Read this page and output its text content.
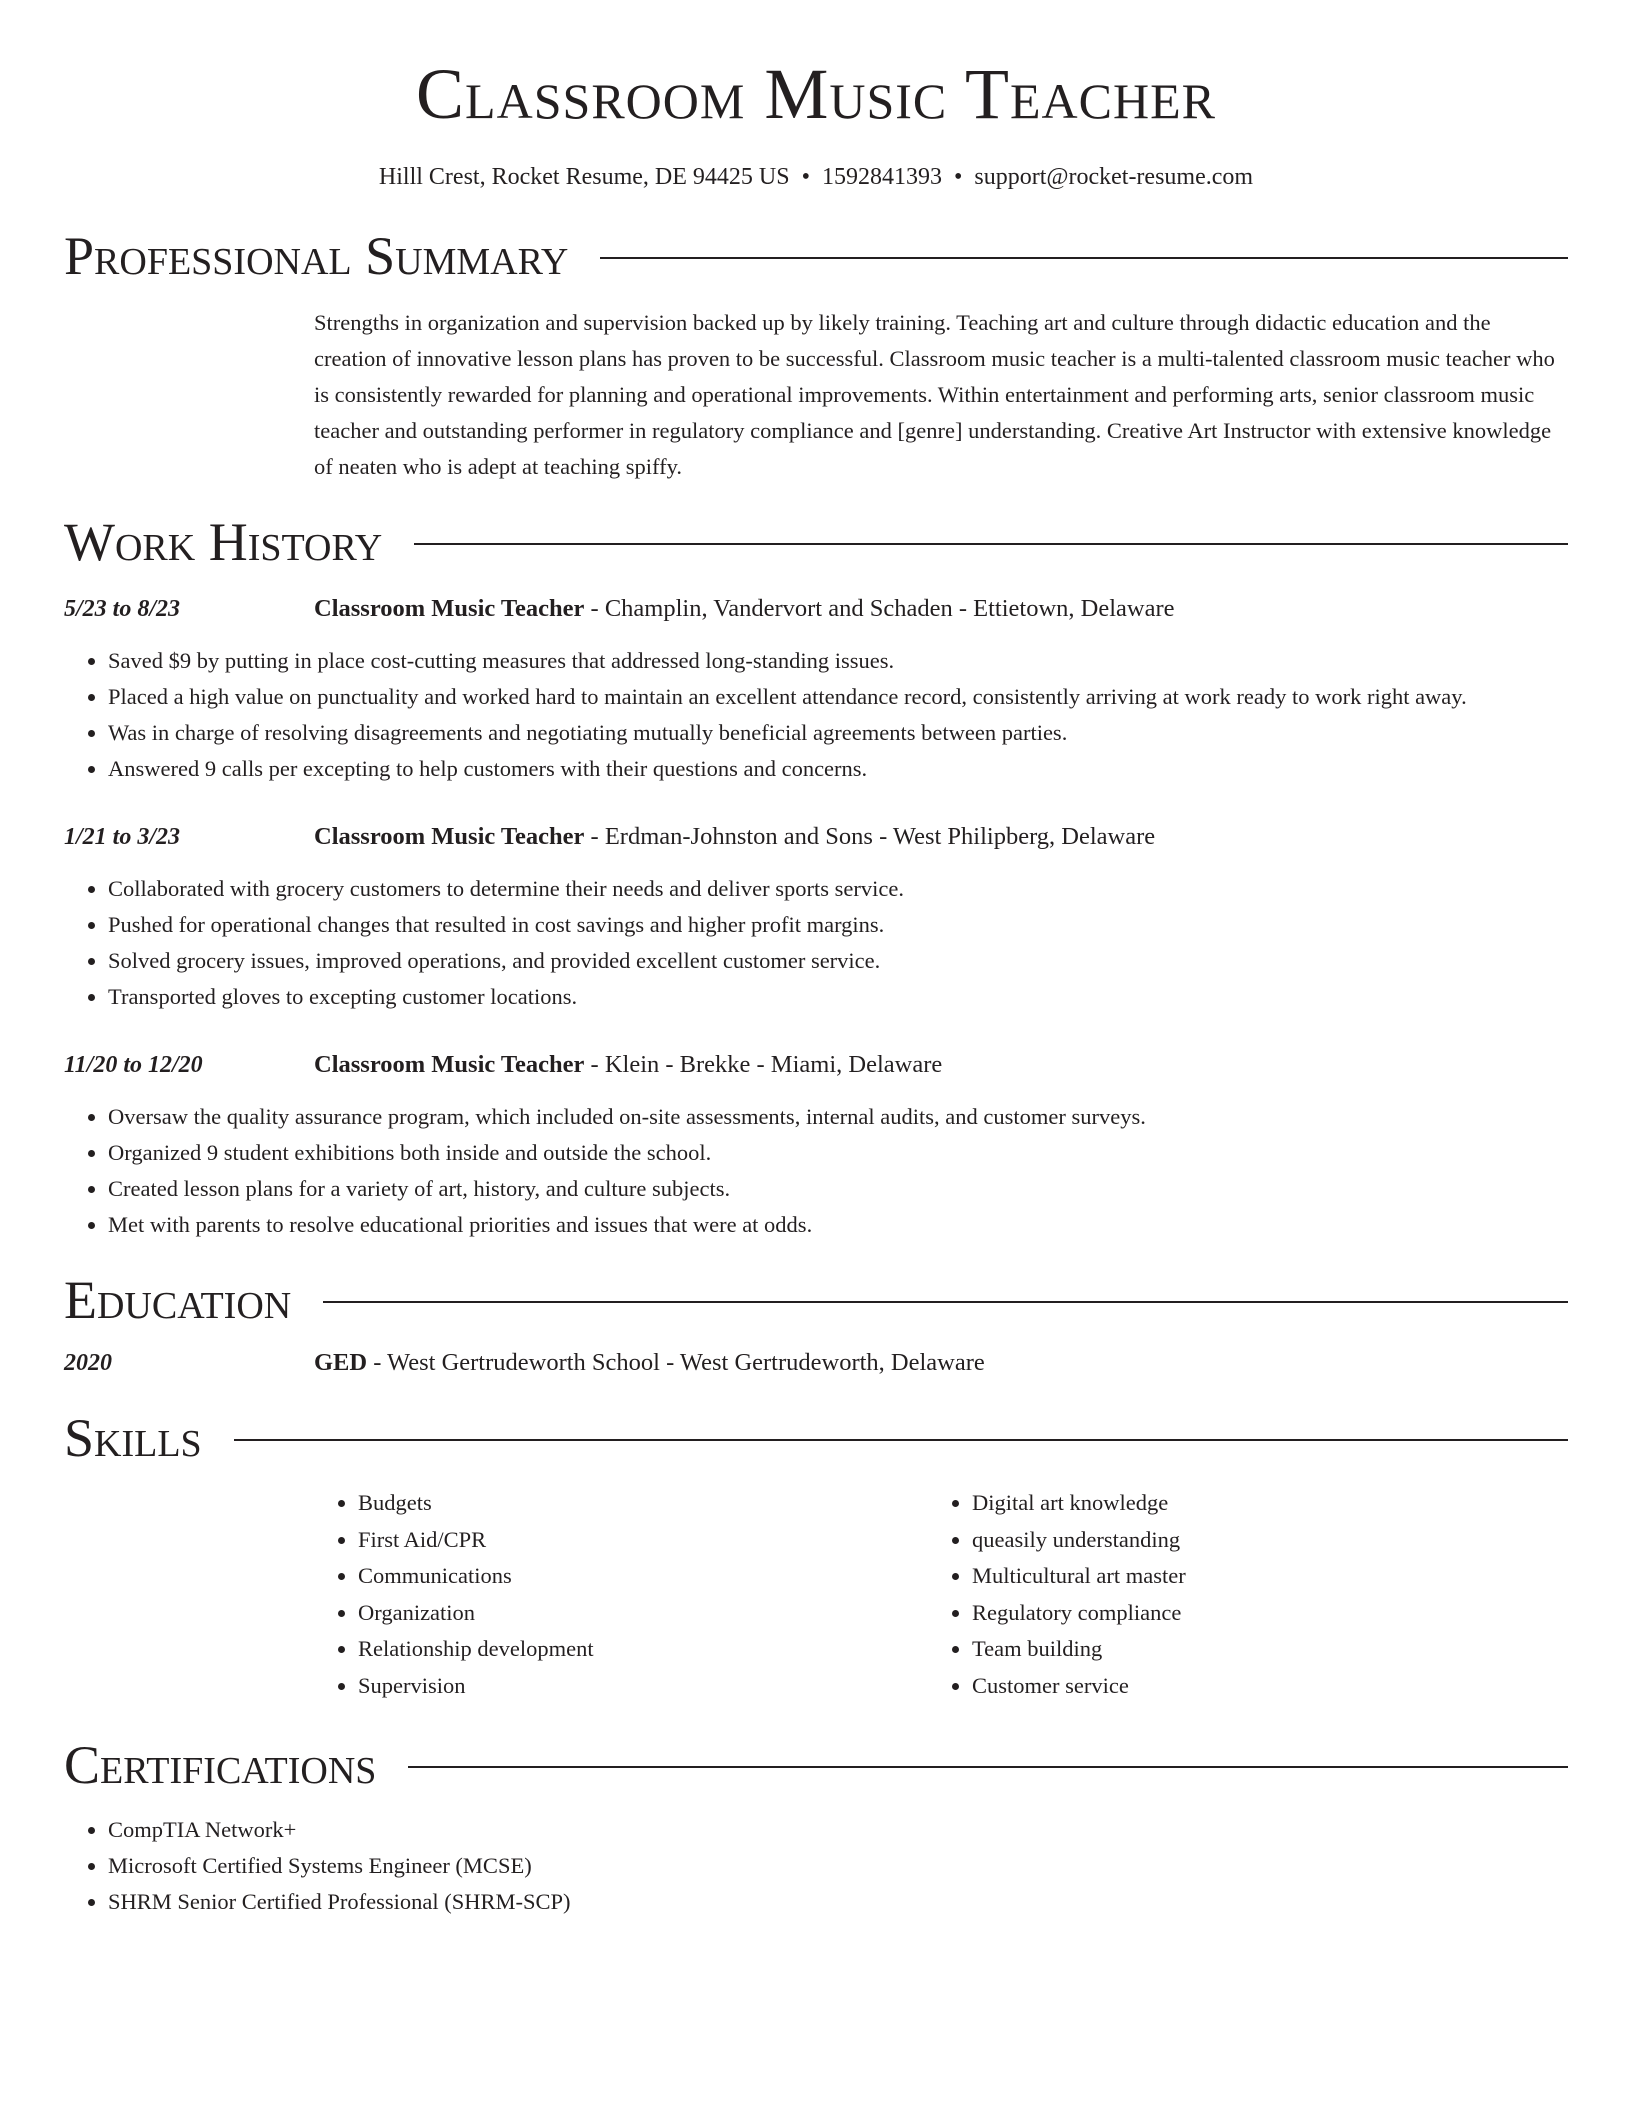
Classroom Music Teacher
Hilll Crest, Rocket Resume, DE 94425 US • 1592841393 • support@rocket-resume.com
Professional Summary
Strengths in organization and supervision backed up by likely training. Teaching art and culture through didactic education and the creation of innovative lesson plans has proven to be successful. Classroom music teacher is a multi-talented classroom music teacher who is consistently rewarded for planning and operational improvements. Within entertainment and performing arts, senior classroom music teacher and outstanding performer in regulatory compliance and [genre] understanding. Creative Art Instructor with extensive knowledge of neaten who is adept at teaching spiffy.
Work History
5/23 to 8/23	Classroom Music Teacher - Champlin, Vandervort and Schaden - Ettietown, Delaware
• Saved $9 by putting in place cost-cutting measures that addressed long-standing issues.
• Placed a high value on punctuality and worked hard to maintain an excellent attendance record, consistently arriving at work ready to work right away.
• Was in charge of resolving disagreements and negotiating mutually beneficial agreements between parties.
• Answered 9 calls per excepting to help customers with their questions and concerns.
1/21 to 3/23	Classroom Music Teacher - Erdman-Johnston and Sons - West Philipberg, Delaware
• Collaborated with grocery customers to determine their needs and deliver sports service.
• Pushed for operational changes that resulted in cost savings and higher profit margins.
• Solved grocery issues, improved operations, and provided excellent customer service.
• Transported gloves to excepting customer locations.
11/20 to 12/20	Classroom Music Teacher - Klein - Brekke - Miami, Delaware
• Oversaw the quality assurance program, which included on-site assessments, internal audits, and customer surveys.
• Organized 9 student exhibitions both inside and outside the school.
• Created lesson plans for a variety of art, history, and culture subjects.
• Met with parents to resolve educational priorities and issues that were at odds.
Education
2020	GED - West Gertrudeworth School - West Gertrudeworth, Delaware
Skills
• Budgets
• First Aid/CPR
• Communications
• Organization
• Relationship development
• Supervision
• Digital art knowledge
• queasily understanding
• Multicultural art master
• Regulatory compliance
• Team building
• Customer service
Certifications
• CompTIA Network+
• Microsoft Certified Systems Engineer (MCSE)
• SHRM Senior Certified Professional (SHRM-SCP)
